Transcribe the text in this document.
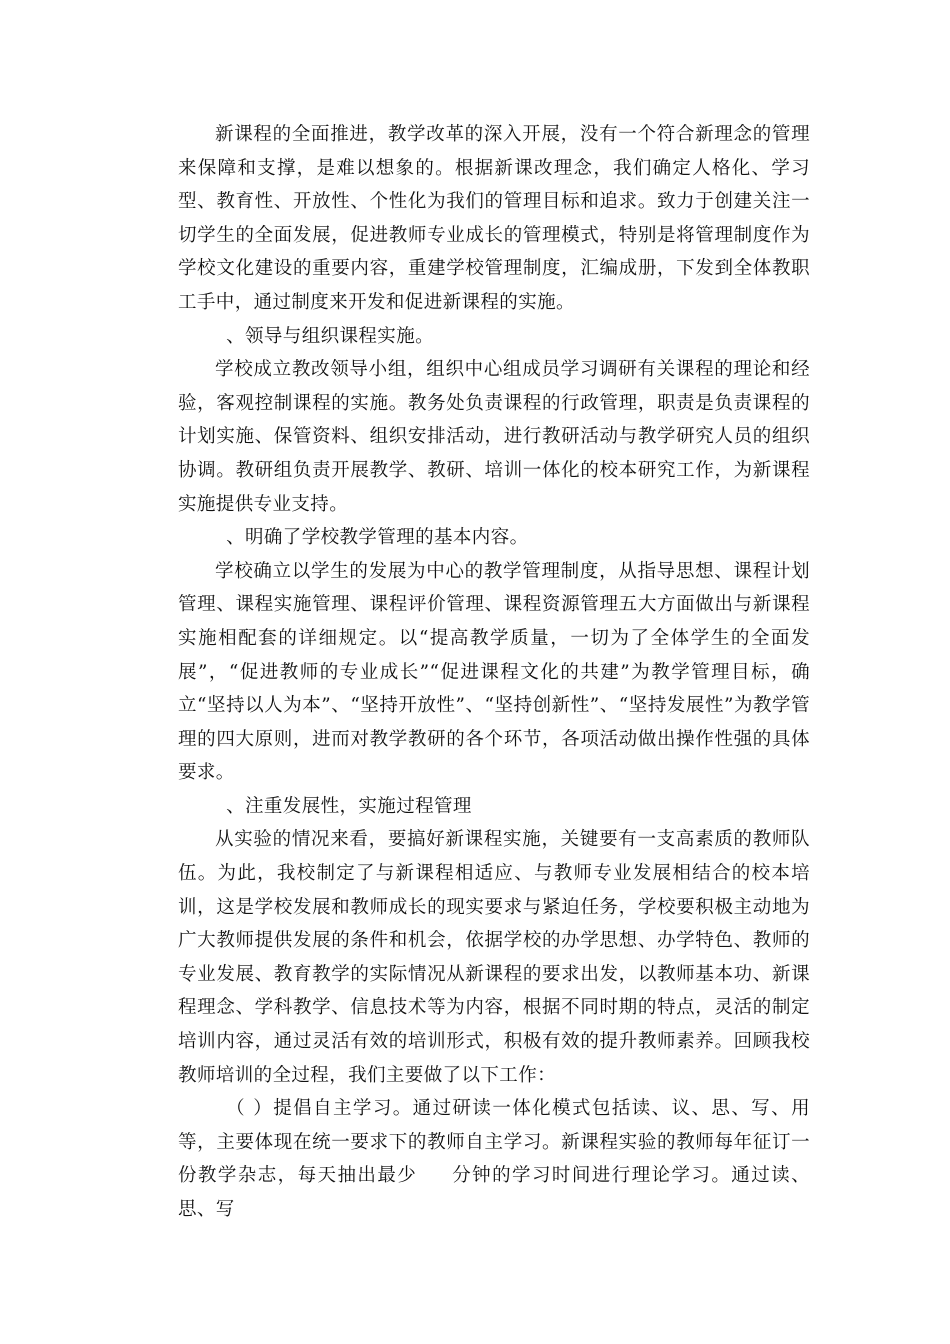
新课程的全面推进，教学改革的深入开展，没有一个符合新理念的管理来保障和支撑，是难以想象的。根据新课改理念，我们确定人格化、学习型、教育性、开放性、个性化为我们的管理目标和追求。致力于创建关注一切学生的全面发展，促进教师专业成长的管理模式，特别是将管理制度作为学校文化建设的重要内容，重建学校管理制度，汇编成册，下发到全体教职工手中，通过制度来开发和促进新课程的实施。

、领导与组织课程实施。

学校成立教改领导小组，组织中心组成员学习调研有关课程的理论和经验，客观控制课程的实施。教务处负责课程的行政管理，职责是负责课程的计划实施、保管资料、组织安排活动，进行教研活动与教学研究人员的组织协调。教研组负责开展教学、教研、培训一体化的校本研究工作，为新课程实施提供专业支持。

、明确了学校教学管理的基本内容。

学校确立以学生的发展为中心的教学管理制度，从指导思想、课程计划管理、课程实施管理、课程评价管理、课程资源管理五大方面做出与新课程实施相配套的详细规定。以“提高教学质量，一切为了全体学生的全面发展”，“促进教师的专业成长”“促进课程文化的共建”为教学管理目标，确立“坚持以人为本”、“坚持开放性”、“坚持创新性”、“坚持发展性”为教学管理的四大原则，进而对教学教研的各个环节，各项活动做出操作性强的具体要求。

、注重发展性，实施过程管理

从实验的情况来看，要搞好新课程实施，关键要有一支高素质的教师队伍。为此，我校制定了与新课程相适应、与教师专业发展相结合的校本培训，这是学校发展和教师成长的现实要求与紧迫任务，学校要积极主动地为广大教师提供发展的条件和机会，依据学校的办学思想、办学特色、教师的专业发展、教育教学的实际情况从新课程的要求出发，以教师基本功、新课程理念、学科教学、信息技术等为内容，根据不同时期的特点，灵活的制定培训内容，通过灵活有效的培训形式，积极有效的提升教师素养。回顾我校教师培训的全过程，我们主要做了以下工作：

（ ）提倡自主学习。通过研读一体化模式包括读、议、思、写、用等，主要体现在统一要求下的教师自主学习。新课程实验的教师每年征订一份教学杂志，每天抽出最少 分钟的学习时间进行理论学习。通过读、思、写
